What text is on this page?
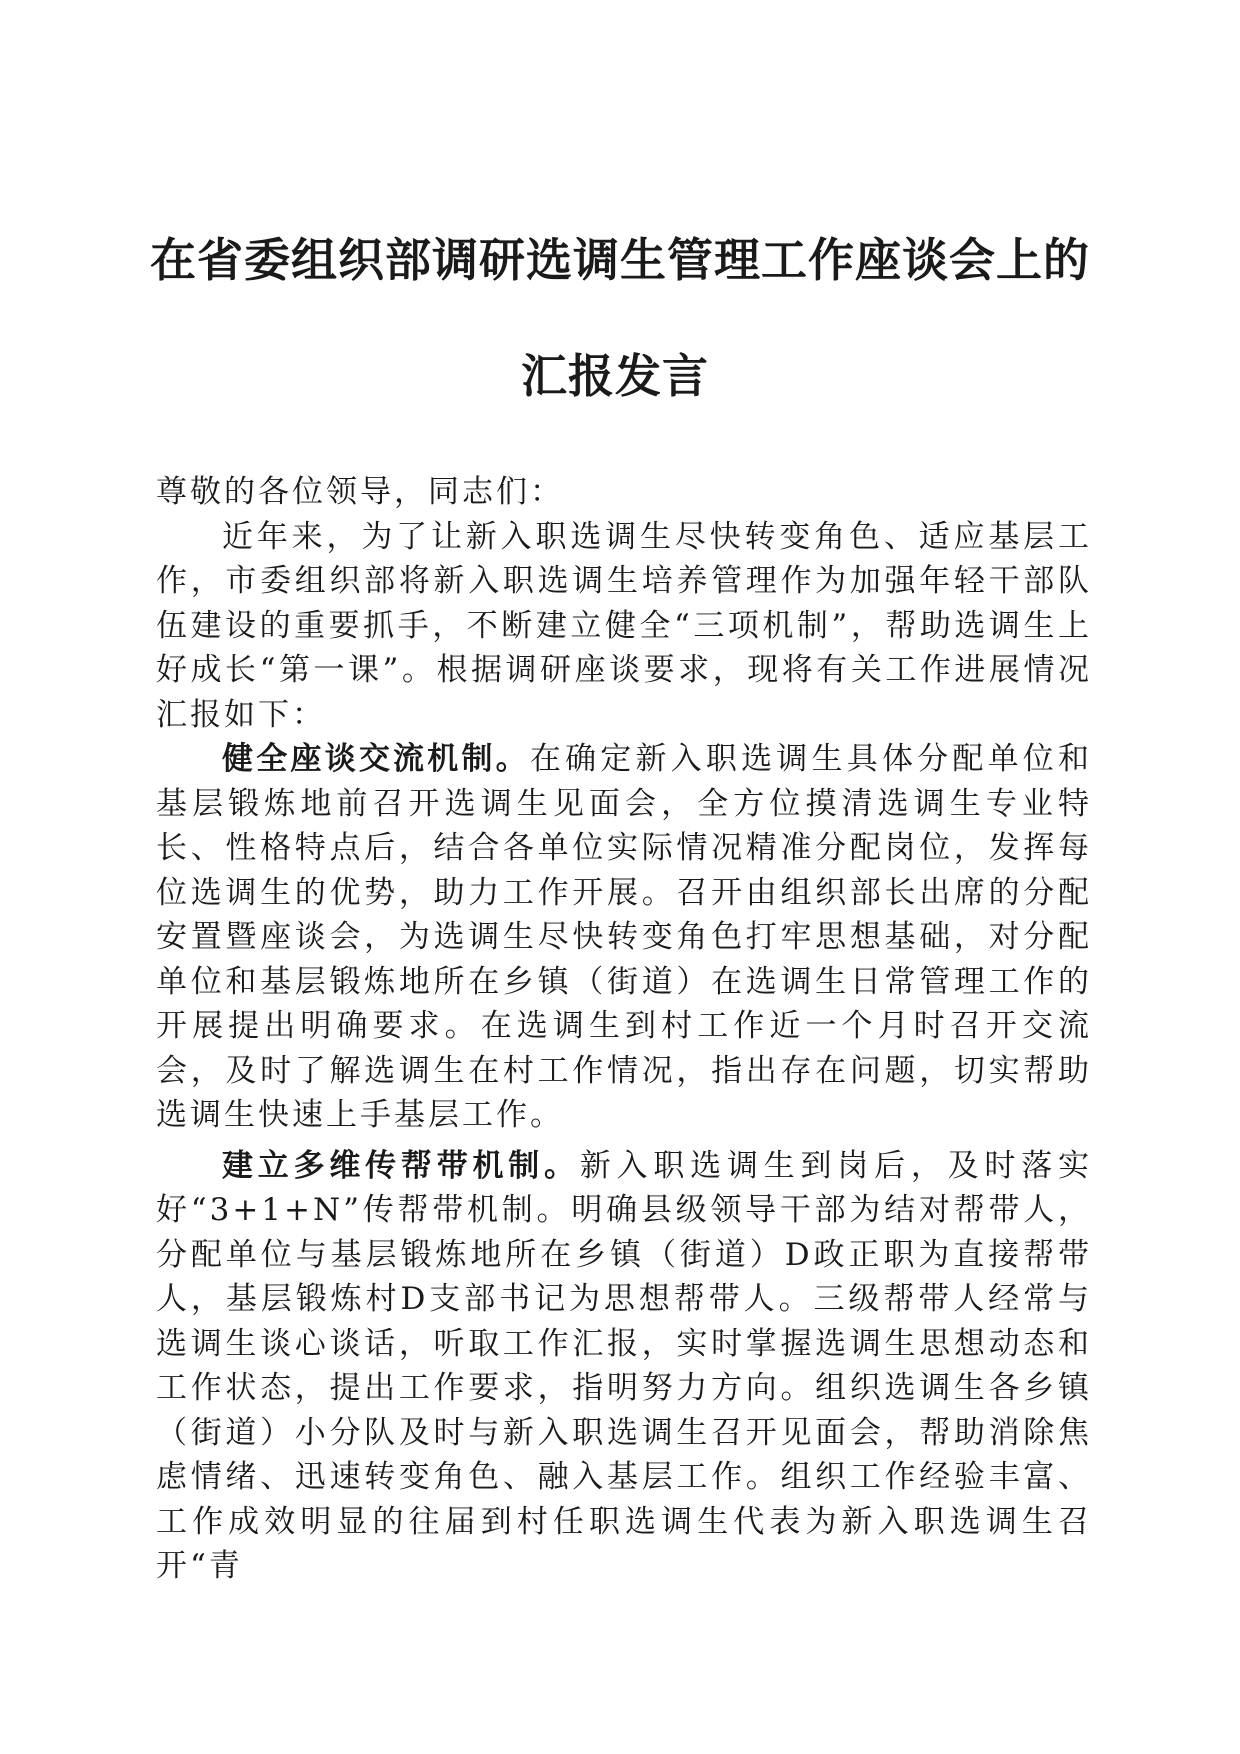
在省委组织部调研选调生管理工作座谈会上的
汇报发言

尊敬的各位领导，同志们：

近年来，为了让新入职选调生尽快转变角色、适应基层工作，市委组织部将新入职选调生培养管理作为加强年轻干部队伍建设的重要抓手，不断建立健全“三项机制”，帮助选调生上好成长“第一课”。根据调研座谈要求，现将有关工作进展情况汇报如下：

健全座谈交流机制。在确定新入职选调生具体分配单位和基层锻炼地前召开选调生见面会，全方位摸清选调生专业特长、性格特点后，结合各单位实际情况精准分配岗位，发挥每位选调生的优势，助力工作开展。召开由组织部长出席的分配安置暨座谈会，为选调生尽快转变角色打牢思想基础，对分配单位和基层锻炼地所在乡镇（街道）在选调生日常管理工作的开展提出明确要求。在选调生到村工作近一个月时召开交流会，及时了解选调生在村工作情况，指出存在问题，切实帮助选调生快速上手基层工作。

建立多维传帮带机制。新入职选调生到岗后，及时落实好“3+1+N”传帮带机制。明确县级领导干部为结对帮带人，分配单位与基层锻炼地所在乡镇（街道）D政正职为直接帮带人，基层锻炼村D支部书记为思想帮带人。三级帮带人经常与选调生谈心谈话，听取工作汇报，实时掌握选调生思想动态和工作状态，提出工作要求，指明努力方向。组织选调生各乡镇（街道）小分队及时与新入职选调生召开见面会，帮助消除焦虑情绪、迅速转变角色、融入基层工作。组织工作经验丰富、工作成效明显的往届到村任职选调生代表为新入职选调生召开“青
